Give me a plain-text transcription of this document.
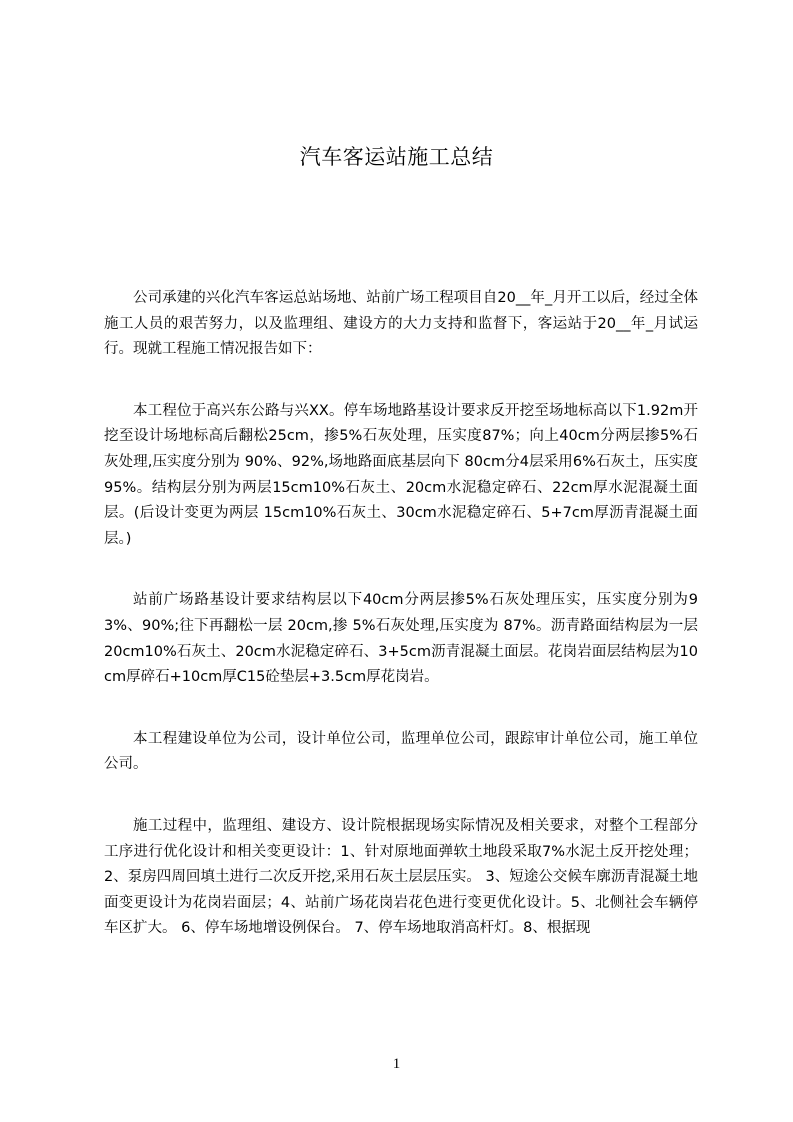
汽车客运站施工总结

公司承建的兴化汽车客运总站场地、站前广场工程项目自20__年_月开工以后，经过全体施工人员的艰苦努力，以及监理组、建设方的大力支持和监督下，客运站于20__年_月试运行。现就工程施工情况报告如下：

本工程位于高兴东公路与兴XX。停车场地路基设计要求反开挖至场地标高以下1.92m开挖至设计场地标高后翻松25cm，掺5%石灰处理，压实度87%；向上40cm分两层掺5%石灰处理,压实度分别为 90%、92%,场地路面底基层向下 80cm分4层采用6%石灰土，压实度95%。结构层分别为两层15cm10%石灰土、20cm水泥稳定碎石、22cm厚水泥混凝土面层。(后设计变更为两层 15cm10%石灰土、30cm水泥稳定碎石、5+7cm厚沥青混凝土面层。)

站前广场路基设计要求结构层以下40cm分两层掺5%石灰处理压实，压实度分别为93%、90%;往下再翻松一层 20cm,掺 5%石灰处理,压实度为 87%。沥青路面结构层为一层20cm10%石灰土、20cm水泥稳定碎石、3+5cm沥青混凝土面层。花岗岩面层结构层为10cm厚碎石+10cm厚C15砼垫层+3.5cm厚花岗岩。

本工程建设单位为公司，设计单位公司，监理单位公司，跟踪审计单位公司，施工单位公司。

施工过程中，监理组、建设方、设计院根据现场实际情况及相关要求，对整个工程部分工序进行优化设计和相关变更设计：1、针对原地面弹软土地段采取7%水泥土反开挖处理；2、泵房四周回填土进行二次反开挖,采用石灰土层层压实。 3、短途公交候车廓沥青混凝土地面变更设计为花岗岩面层；4、站前广场花岗岩花色进行变更优化设计。5、北侧社会车辆停车区扩大。 6、停车场地增设例保台。 7、停车场地取消高杆灯。8、根据现

1
